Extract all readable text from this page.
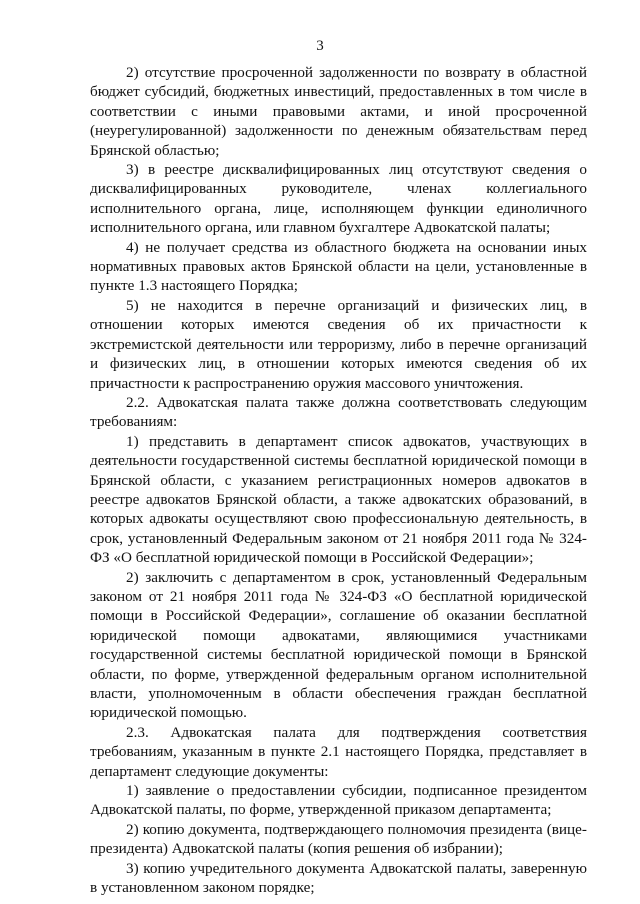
3

2) отсутствие просроченной задолженности по возврату в областной бюджет субсидий, бюджетных инвестиций, предоставленных в том числе в соответствии с иными правовыми актами, и иной просроченной (неурегулированной) задолженности по денежным обязательствам перед Брянской областью;

3) в реестре дисквалифицированных лиц отсутствуют сведения о дисквалифицированных руководителе, членах коллегиального исполнительного органа, лице, исполняющем функции единоличного исполнительного органа, или главном бухгалтере Адвокатской палаты;

4) не получает средства из областного бюджета на основании иных нормативных правовых актов Брянской области на цели, установленные в пункте 1.3 настоящего Порядка;

5) не находится в перечне организаций и физических лиц, в отношении которых имеются сведения об их причастности к экстремистской деятельности или терроризму, либо в перечне организаций и физических лиц, в отношении которых имеются сведения об их причастности к распространению оружия массового уничтожения.

2.2. Адвокатская палата также должна соответствовать следующим требованиям:

1) представить в департамент список адвокатов, участвующих в деятельности государственной системы бесплатной юридической помощи в Брянской области, с указанием регистрационных номеров адвокатов в реестре адвокатов Брянской области, а также адвокатских образований, в которых адвокаты осуществляют свою профессиональную деятельность, в срок, установленный Федеральным законом от 21 ноября 2011 года № 324-ФЗ «О бесплатной юридической помощи в Российской Федерации»;

2) заключить с департаментом в срок, установленный Федеральным законом от 21 ноября 2011 года № 324-ФЗ «О бесплатной юридической помощи в Российской Федерации», соглашение об оказании бесплатной юридической помощи адвокатами, являющимися участниками государственной системы бесплатной юридической помощи в Брянской области, по форме, утвержденной федеральным органом исполнительной власти, уполномоченным в области обеспечения граждан бесплатной юридической помощью.

2.3. Адвокатская палата для подтверждения соответствия требованиям, указанным в пункте 2.1 настоящего Порядка, представляет в департамент следующие документы:

1) заявление о предоставлении субсидии, подписанное президентом Адвокатской палаты, по форме, утвержденной приказом департамента;

2) копию документа, подтверждающего полномочия президента (вице-президента) Адвокатской палаты (копия решения об избрании);

3) копию учредительного документа Адвокатской палаты, заверенную в установленном законом порядке;
